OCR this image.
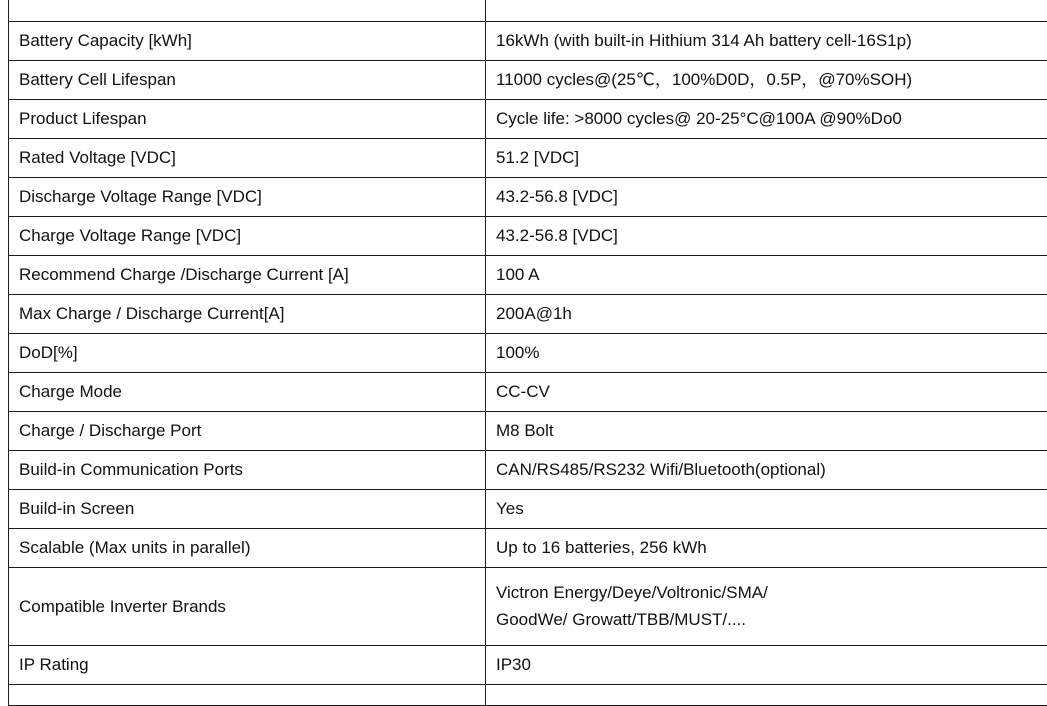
Battery Capacity [kWh]	16kWh (with built-in Hithium 314 Ah battery cell-16S1p)
Battery Cell Lifespan	11000 cycles@(25℃，100%D0D，0.5P，@70%SOH)
Product Lifespan	Cycle life: >8000 cycles@ 20-25°C@100A @90%Do0
Rated Voltage [VDC]	51.2 [VDC]
Discharge Voltage Range [VDC]	43.2-56.8 [VDC]
Charge Voltage Range [VDC]	43.2-56.8 [VDC]
Recommend Charge /Discharge Current [A]	100 A
Max Charge / Discharge Current[A]	200A@1h
DoD[%]	100%
Charge Mode	CC-CV
Charge / Discharge Port	M8 Bolt
Build-in Communication Ports	CAN/RS485/RS232 Wifi/Bluetooth(optional)
Build-in Screen	Yes
Scalable (Max units in parallel)	Up to 16 batteries, 256 kWh
Compatible Inverter Brands	Victron Energy/Deye/Voltronic/SMA/
GoodWe/ Growatt/TBB/MUST/....

IP Rating	IP30
